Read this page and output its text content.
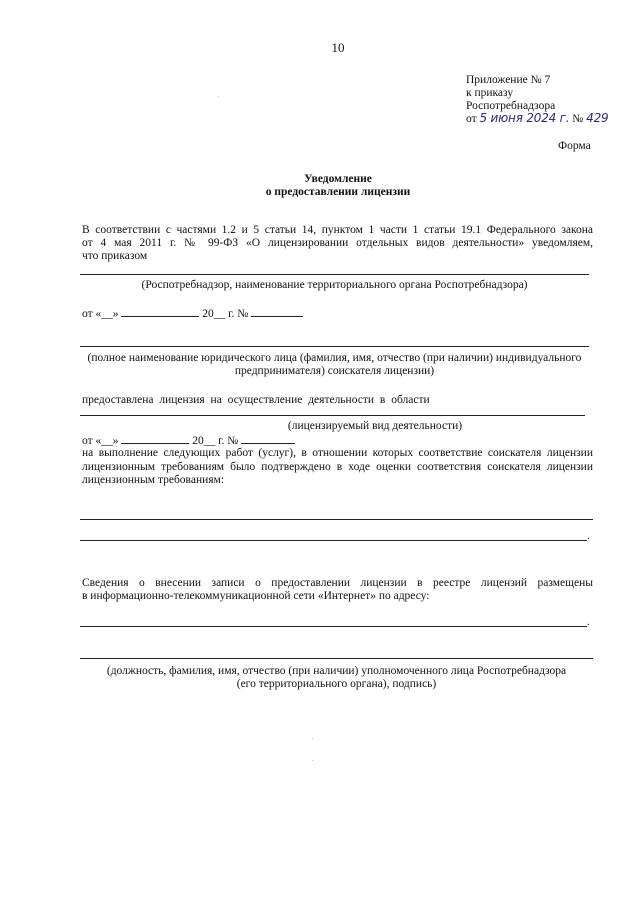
10
Приложение № 7
к приказу
Роспотребнадзора
от 5 июня 2024 г. № 429
Форма
Уведомление
о предоставлении лицензии
В соответствии с частями 1.2 и 5 статьи 14, пунктом 1 части 1 статьи 19.1 Федерального закона
от 4 мая 2011 г. № 99-ФЗ «О лицензировании отдельных видов деятельности» уведомляем,
что приказом
(Роспотребнадзор, наименование территориального органа Роспотребнадзора)
от «__»	20__ г. №
(полное наименование юридического лица (фамилия, имя, отчество (при наличии) индивидуального
предпринимателя) соискателя лицензии)
предоставлена лицензия на осуществление деятельности в области
(лицензируемый вид деятельности)
от «__»	20__ г. №
на выполнение следующих работ (услуг), в отношении которых соответствие соискателя лицензии
лицензионным требованиям было подтверждено в ходе оценки соответствия соискателя лицензии
лицензионным требованиям:
.
Сведения о внесении записи о предоставлении лицензии в реестре лицензий размещены
в информационно-телекоммуникационной сети «Интернет» по адресу:
.
(должность, фамилия, имя, отчество (при наличии) уполномоченного лица Роспотребнадзора
(его территориального органа), подпись)
